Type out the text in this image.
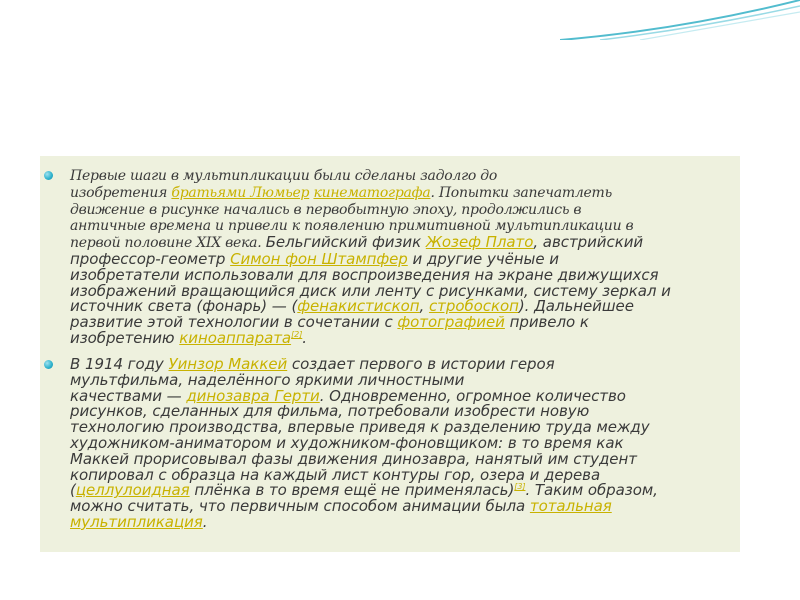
Первые шаги в мультипликации были сделаны задолго до
изобретения братьями Люмьер кинематографа. Попытки запечатлеть
движение в рисунке начались в первобытную эпоху, продолжились в
античные времена и привели к появлению примитивной мультипликации в
первой половине XIX века. Бельгийский физик Жозеф Плато, австрийский
профессор-геометр Симон фон Штампфер и другие учёные и
изобретатели использовали для воспроизведения на экране движущихся
изображений вращающийся диск или ленту с рисунками, систему зеркал и
источник света (фонарь) — (фенакистископ, стробоскоп). Дальнейшее
развитие этой технологии в сочетании с фотографией привело к
изобретению киноаппарата[2].
В 1914 году Уинзор Маккей создает первого в истории героя
мультфильма, наделённого яркими личностными
качествами — динозавра Герти. Одновременно, огромное количество
рисунков, сделанных для фильма, потребовали изобрести новую
технологию производства, впервые приведя к разделению труда между
художником-аниматором и художником-фоновщиком: в то время как
Маккей прорисовывал фазы движения динозавра, нанятый им студент
копировал с образца на каждый лист контуры гор, озера и дерева
(целлулоидная плёнка в то время ещё не применялась)[3]. Таким образом,
можно считать, что первичным способом анимации была тотальная
мультипликация.
